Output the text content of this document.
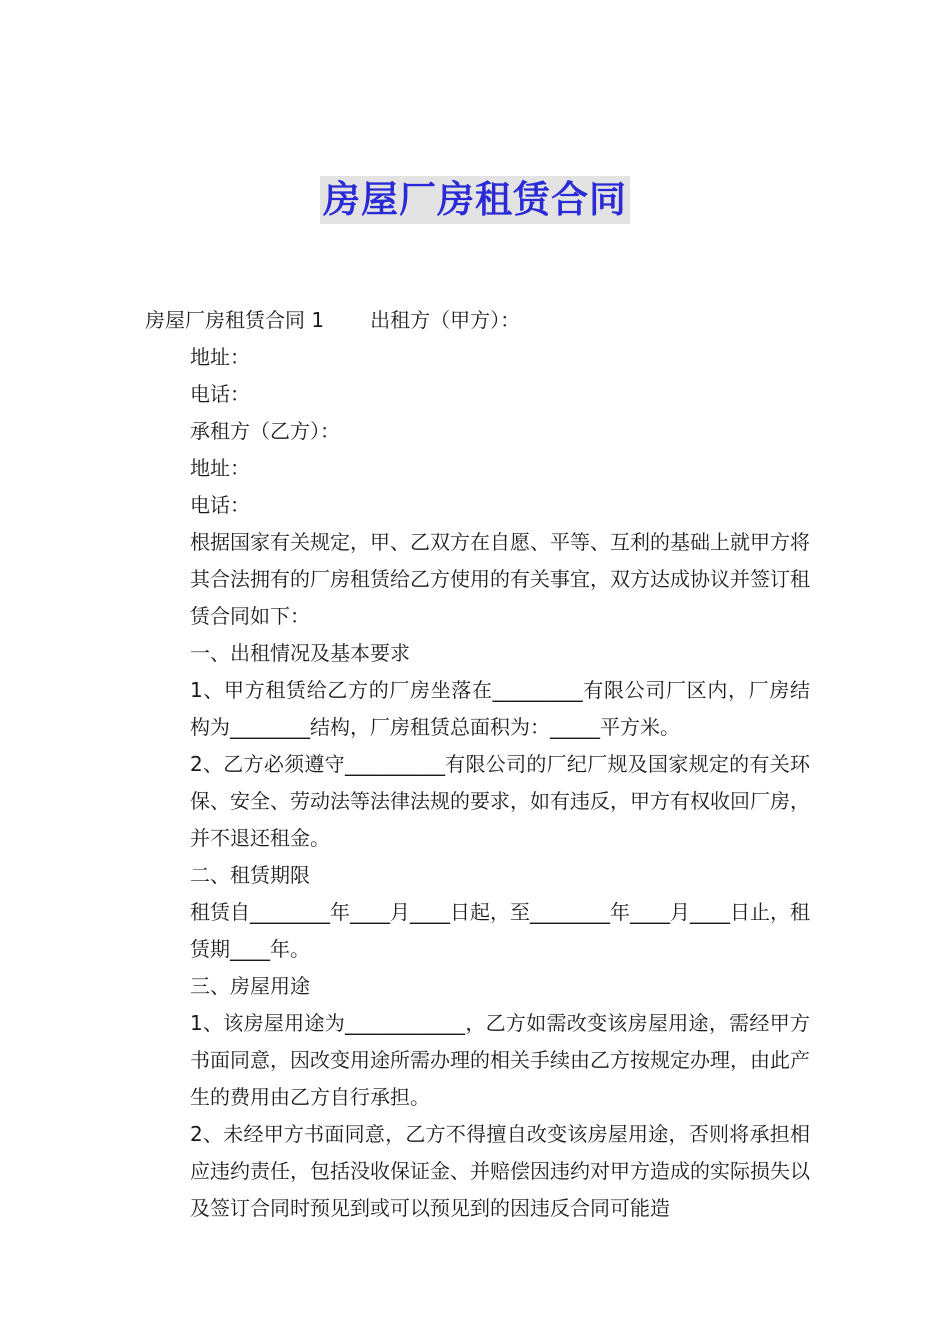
房屋厂房租赁合同

房屋厂房租赁合同 1 出租方（甲方）：

地址：

电话：

承租方（乙方）：

地址：

电话：

根据国家有关规定，甲、乙双方在自愿、平等、互利的基础上就甲方将其合法拥有的厂房租赁给乙方使用的有关事宜，双方达成协议并签订租赁合同如下：

一、出租情况及基本要求

1、甲方租赁给乙方的厂房坐落在_________有限公司厂区内，厂房结构为________结构，厂房租赁总面积为：_____平方米。

2、乙方必须遵守__________有限公司的厂纪厂规及国家规定的有关环保、安全、劳动法等法律法规的要求，如有违反，甲方有权收回厂房，并不退还租金。

二、租赁期限

租赁自________年____月____日起，至________年____月____日止，租赁期____年。

三、房屋用途

1、该房屋用途为____________，乙方如需改变该房屋用途，需经甲方书面同意，因改变用途所需办理的相关手续由乙方按规定办理，由此产生的费用由乙方自行承担。

2、未经甲方书面同意，乙方不得擅自改变该房屋用途，否则将承担相应违约责任，包括没收保证金、并赔偿因违约对甲方造成的实际损失以及签订合同时预见到或可以预见到的因违反合同可能造
